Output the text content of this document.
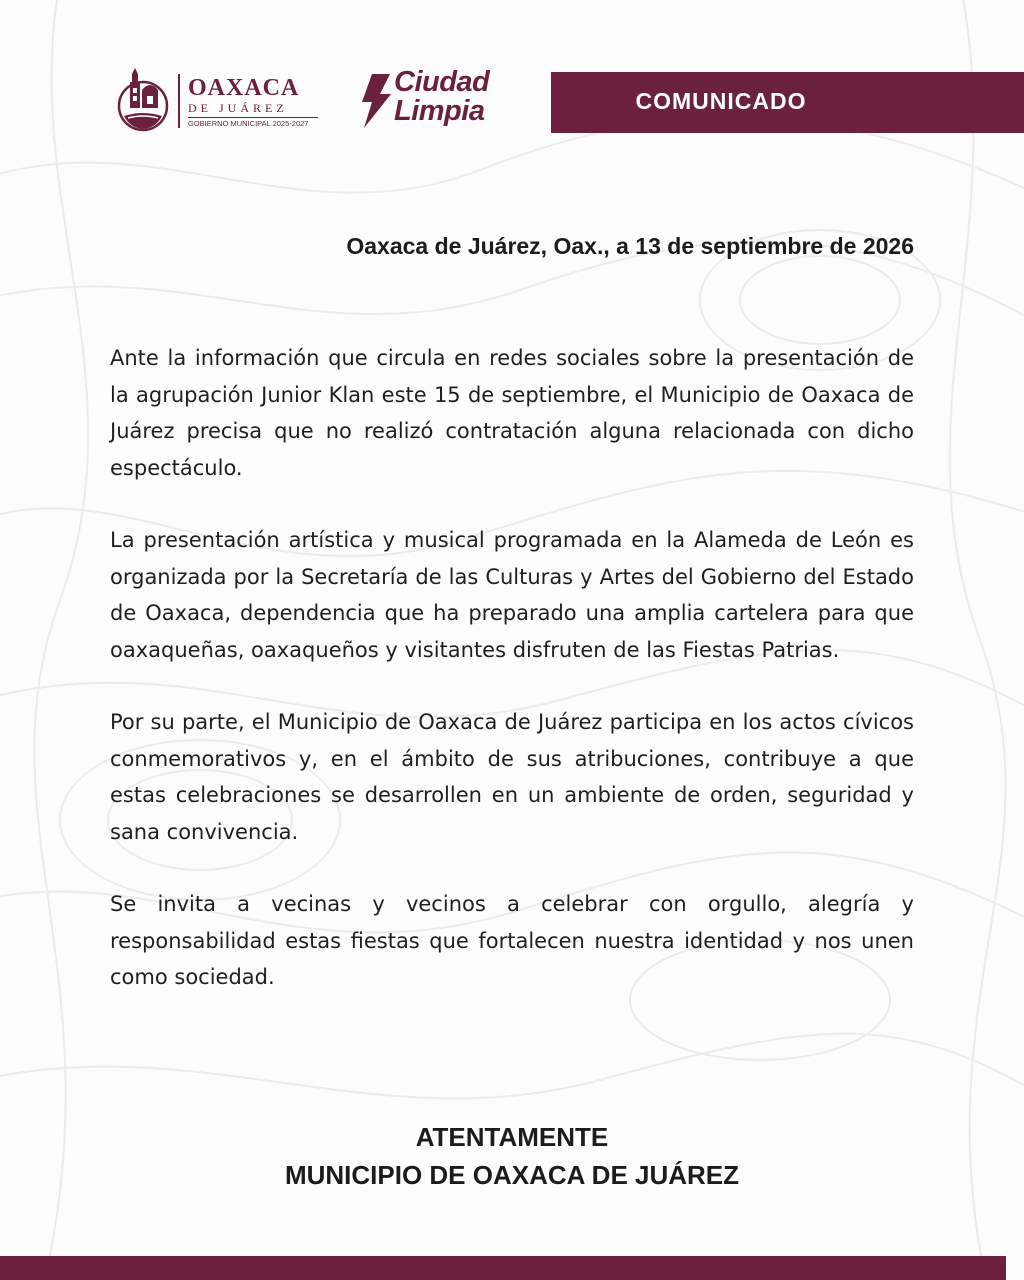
OAXACA
DE JUÁREZ
GOBIERNO MUNICIPAL 2025-2027
Ciudad
Limpia	COMUNICADO
Oaxaca de Juárez, Oax., a 13 de septiembre de 2026

Ante la información que circula en redes sociales sobre la presentación de la agrupación Junior Klan este 15 de septiembre, el Municipio de Oaxaca de Juárez precisa que no realizó contratación alguna relacionada con dicho espectáculo.

La presentación artística y musical programada en la Alameda de León es organizada por la Secretaría de las Culturas y Artes del Gobierno del Estado de Oaxaca, dependencia que ha preparado una amplia cartelera para que oaxaqueñas, oaxaqueños y visitantes disfruten de las Fiestas Patrias.

Por su parte, el Municipio de Oaxaca de Juárez participa en los actos cívicos conmemorativos y, en el ámbito de sus atribuciones, contribuye a que estas celebraciones se desarrollen en un ambiente de orden, seguridad y sana convivencia.

Se invita a vecinas y vecinos a celebrar con orgullo, alegría y responsabilidad estas fiestas que fortalecen nuestra identidad y nos unen como sociedad.

ATENTAMENTE
MUNICIPIO DE OAXACA DE JUÁREZ
